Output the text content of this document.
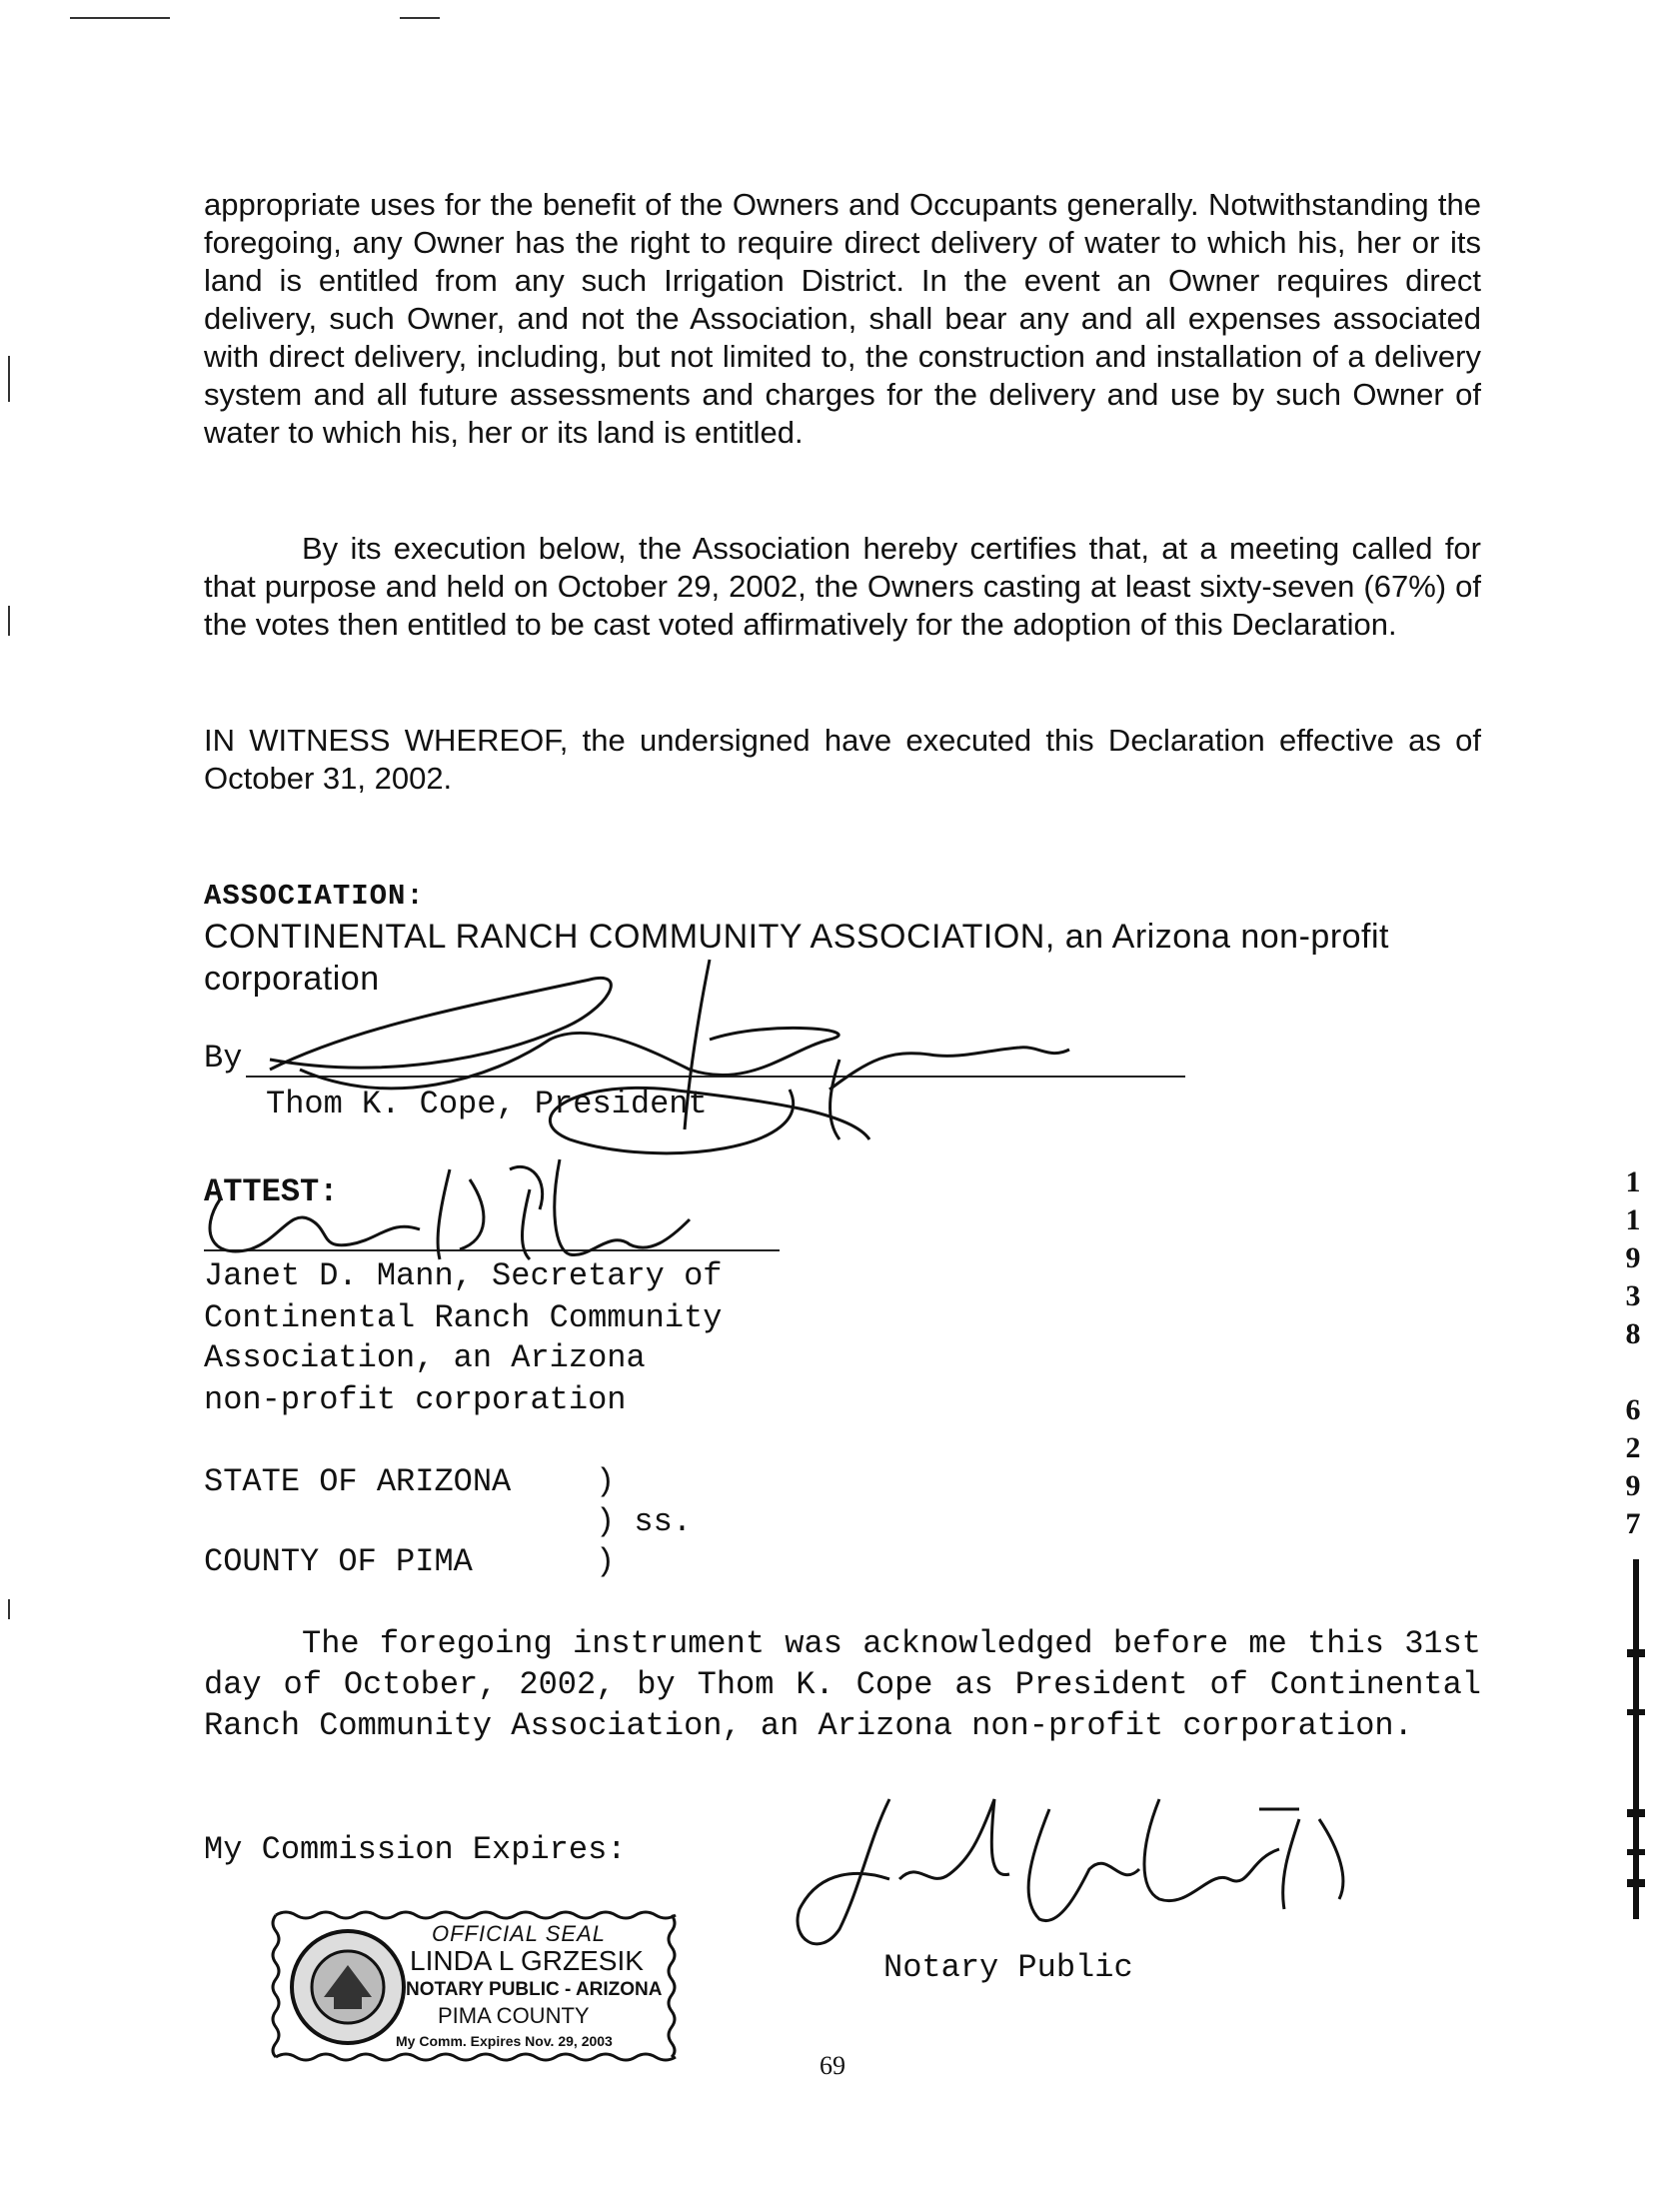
appropriate uses for the benefit of the Owners and Occupants generally. Notwithstanding the foregoing, any Owner has the right to require direct delivery of water to which his, her or its land is entitled from any such Irrigation District. In the event an Owner requires direct delivery, such Owner, and not the Association, shall bear any and all expenses associated with direct delivery, including, but not limited to, the construction and installation of a delivery system and all future assessments and charges for the delivery and use by such Owner of water to which his, her or its land is entitled.
By its execution below, the Association hereby certifies that, at a meeting called for that purpose and held on October 29, 2002, the Owners casting at least sixty-seven (67%) of the votes then entitled to be cast voted affirmatively for the adoption of this Declaration.
IN WITNESS WHEREOF, the undersigned have executed this Declaration effective as of October 31, 2002.
ASSOCIATION:
CONTINENTAL RANCH COMMUNITY ASSOCIATION, an Arizona non-profit
corporation
By
Thom K. Cope, President
ATTEST:
Janet D. Mann, Secretary of
Continental Ranch Community
Association, an Arizona
non-profit corporation
STATE OF ARIZONA	)
) ss.
COUNTY OF PIMA	)
The foregoing instrument was acknowledged before me this 31st day of October, 2002, by Thom K. Cope as President of Continental Ranch Community Association, an Arizona non-profit corporation.
My Commission Expires:
Notary Public
OFFICIAL SEAL
LINDA L GRZESIK
NOTARY PUBLIC - ARIZONA
PIMA COUNTY
My Comm. Expires Nov. 29, 2003
1
1
9
3
8
6
2
9
7
69
